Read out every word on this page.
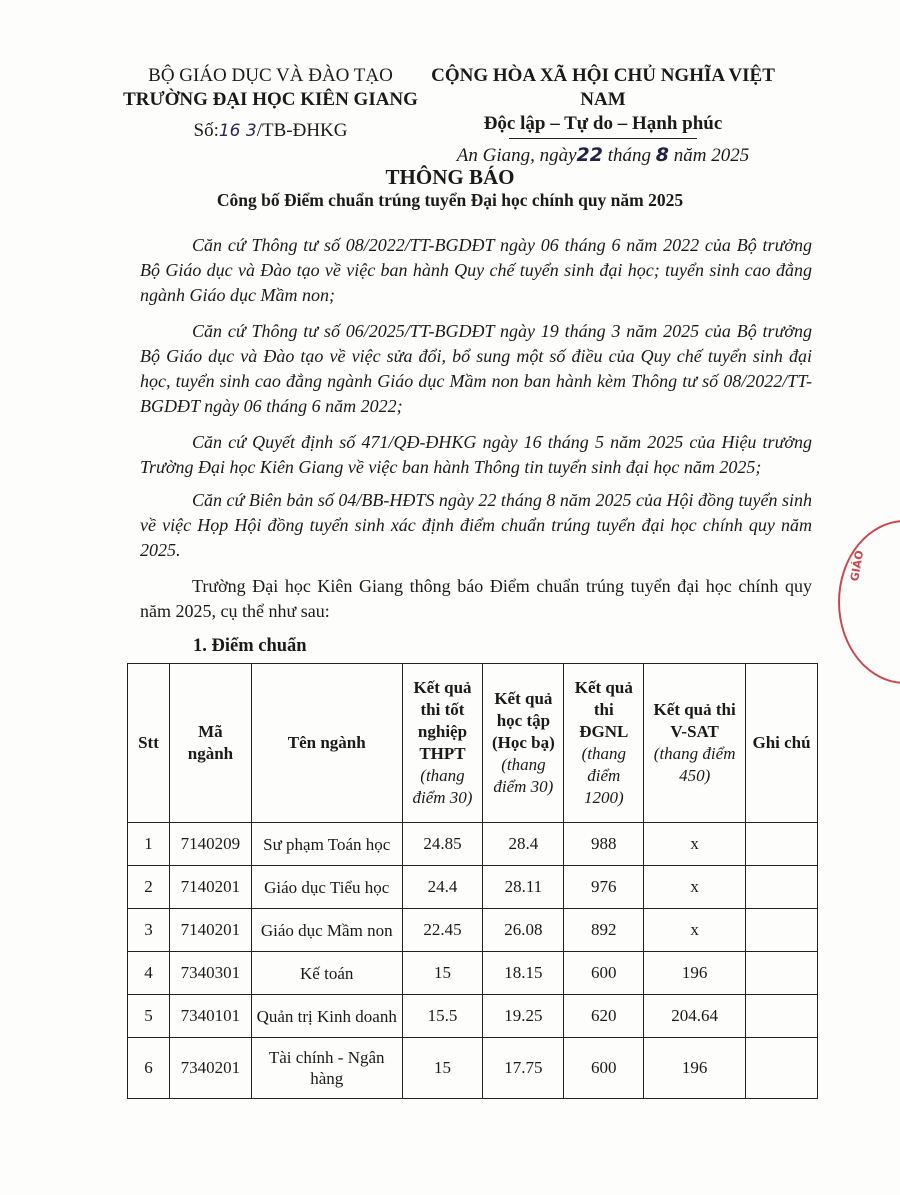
BỘ GIÁO DỤC VÀ ĐÀO TẠO
TRƯỜNG ĐẠI HỌC KIÊN GIANG
Số:16 3/TB-ĐHKG
CỘNG HÒA XÃ HỘI CHỦ NGHĨA VIỆT NAM
Độc lập – Tự do – Hạnh phúc
An Giang, ngày22 tháng 8 năm 2025
THÔNG BÁO
Công bố Điểm chuẩn trúng tuyển Đại học chính quy năm 2025

Căn cứ Thông tư số 08/2022/TT-BGDĐT ngày 06 tháng 6 năm 2022 của Bộ trưởng Bộ Giáo dục và Đào tạo về việc ban hành Quy chế tuyển sinh đại học; tuyển sinh cao đẳng ngành Giáo dục Mầm non;

Căn cứ Thông tư số 06/2025/TT-BGDĐT ngày 19 tháng 3 năm 2025 của Bộ trưởng Bộ Giáo dục và Đào tạo về việc sửa đổi, bổ sung một số điều của Quy chế tuyển sinh đại học, tuyển sinh cao đẳng ngành Giáo dục Mầm non ban hành kèm Thông tư số 08/2022/TT-BGDĐT ngày 06 tháng 6 năm 2022;

Căn cứ Quyết định số 471/QĐ-ĐHKG ngày 16 tháng 5 năm 2025 của Hiệu trưởng Trường Đại học Kiên Giang về việc ban hành Thông tin tuyển sinh đại học năm 2025;

Căn cứ Biên bản số 04/BB-HĐTS ngày 22 tháng 8 năm 2025 của Hội đồng tuyển sinh về việc Họp Hội đồng tuyển sinh xác định điểm chuẩn trúng tuyển đại học chính quy năm 2025.

Trường Đại học Kiên Giang thông báo Điểm chuẩn trúng tuyển đại học chính quy năm 2025, cụ thể như sau:

1. Điểm chuẩn
Stt	Mã ngành	Tên ngành	Kết quả thi tốt nghiệp THPT
(thang điểm 30)	Kết quả học tập (Học bạ)
(thang điểm 30)	Kết quả thi ĐGNL
(thang điểm 1200)	Kết quả thi V-SAT
(thang điểm 450)	Ghi chú
1	7140209	Sư phạm Toán học	24.85	28.4	988	x	
2	7140201	Giáo dục Tiểu học	24.4	28.11	976	x	
3	7140201	Giáo dục Mầm non	22.45	26.08	892	x	
4	7340301	Kế toán	15	18.15	600	196	
5	7340101	Quản trị Kinh doanh	15.5	19.25	620	204.64	
6	7340201	Tài chính - Ngân hàng	15	17.75	600	196	
GIÁO
